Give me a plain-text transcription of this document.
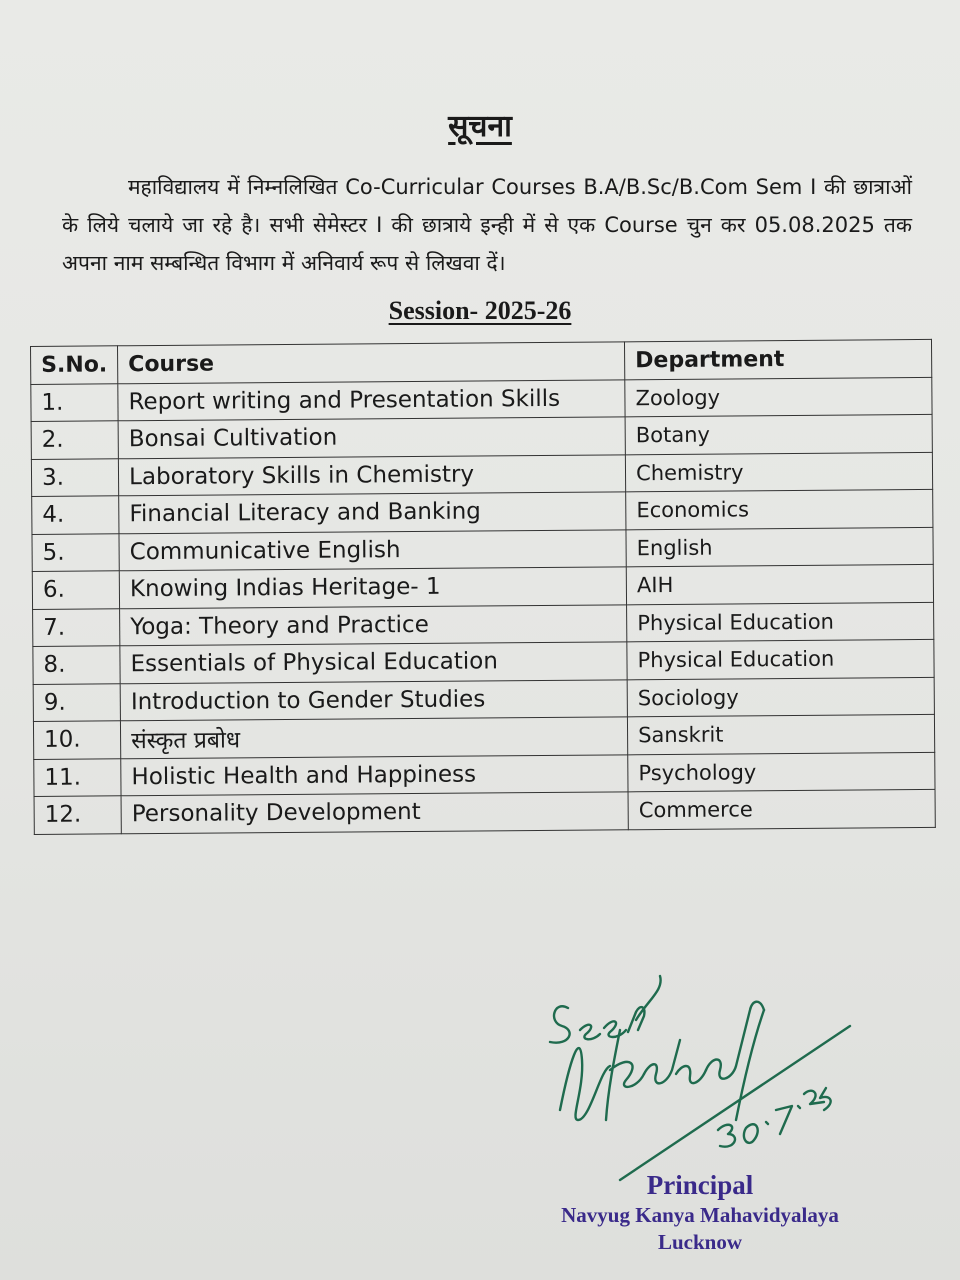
सूचना
महाविद्यालय में निम्नलिखित Co-Curricular Courses B.A/B.Sc/B.Com Sem I की छात्राओं के लिये चलाये जा रहे है। सभी सेमेस्टर I की छात्राये इन्ही में से एक Course चुन कर 05.08.2025 तक अपना नाम सम्बन्धित विभाग में अनिवार्य रूप से लिखवा दें।
Session- 2025-26
S.No.	Course	Department
1.	Report writing and Presentation Skills	Zoology
2.	Bonsai Cultivation	Botany
3.	Laboratory Skills in Chemistry	Chemistry
4.	Financial Literacy and Banking	Economics
5.	Communicative English	English
6.	Knowing Indias Heritage- 1	AIH
7.	Yoga: Theory and Practice	Physical Education
8.	Essentials of Physical Education	Physical Education
9.	Introduction to Gender Studies	Sociology
10.	संस्कृत प्रबोध	Sanskrit
11.	Holistic Health and Happiness	Psychology
12.	Personality Development	Commerce
Principal
Navyug Kanya Mahavidyalaya
Lucknow
